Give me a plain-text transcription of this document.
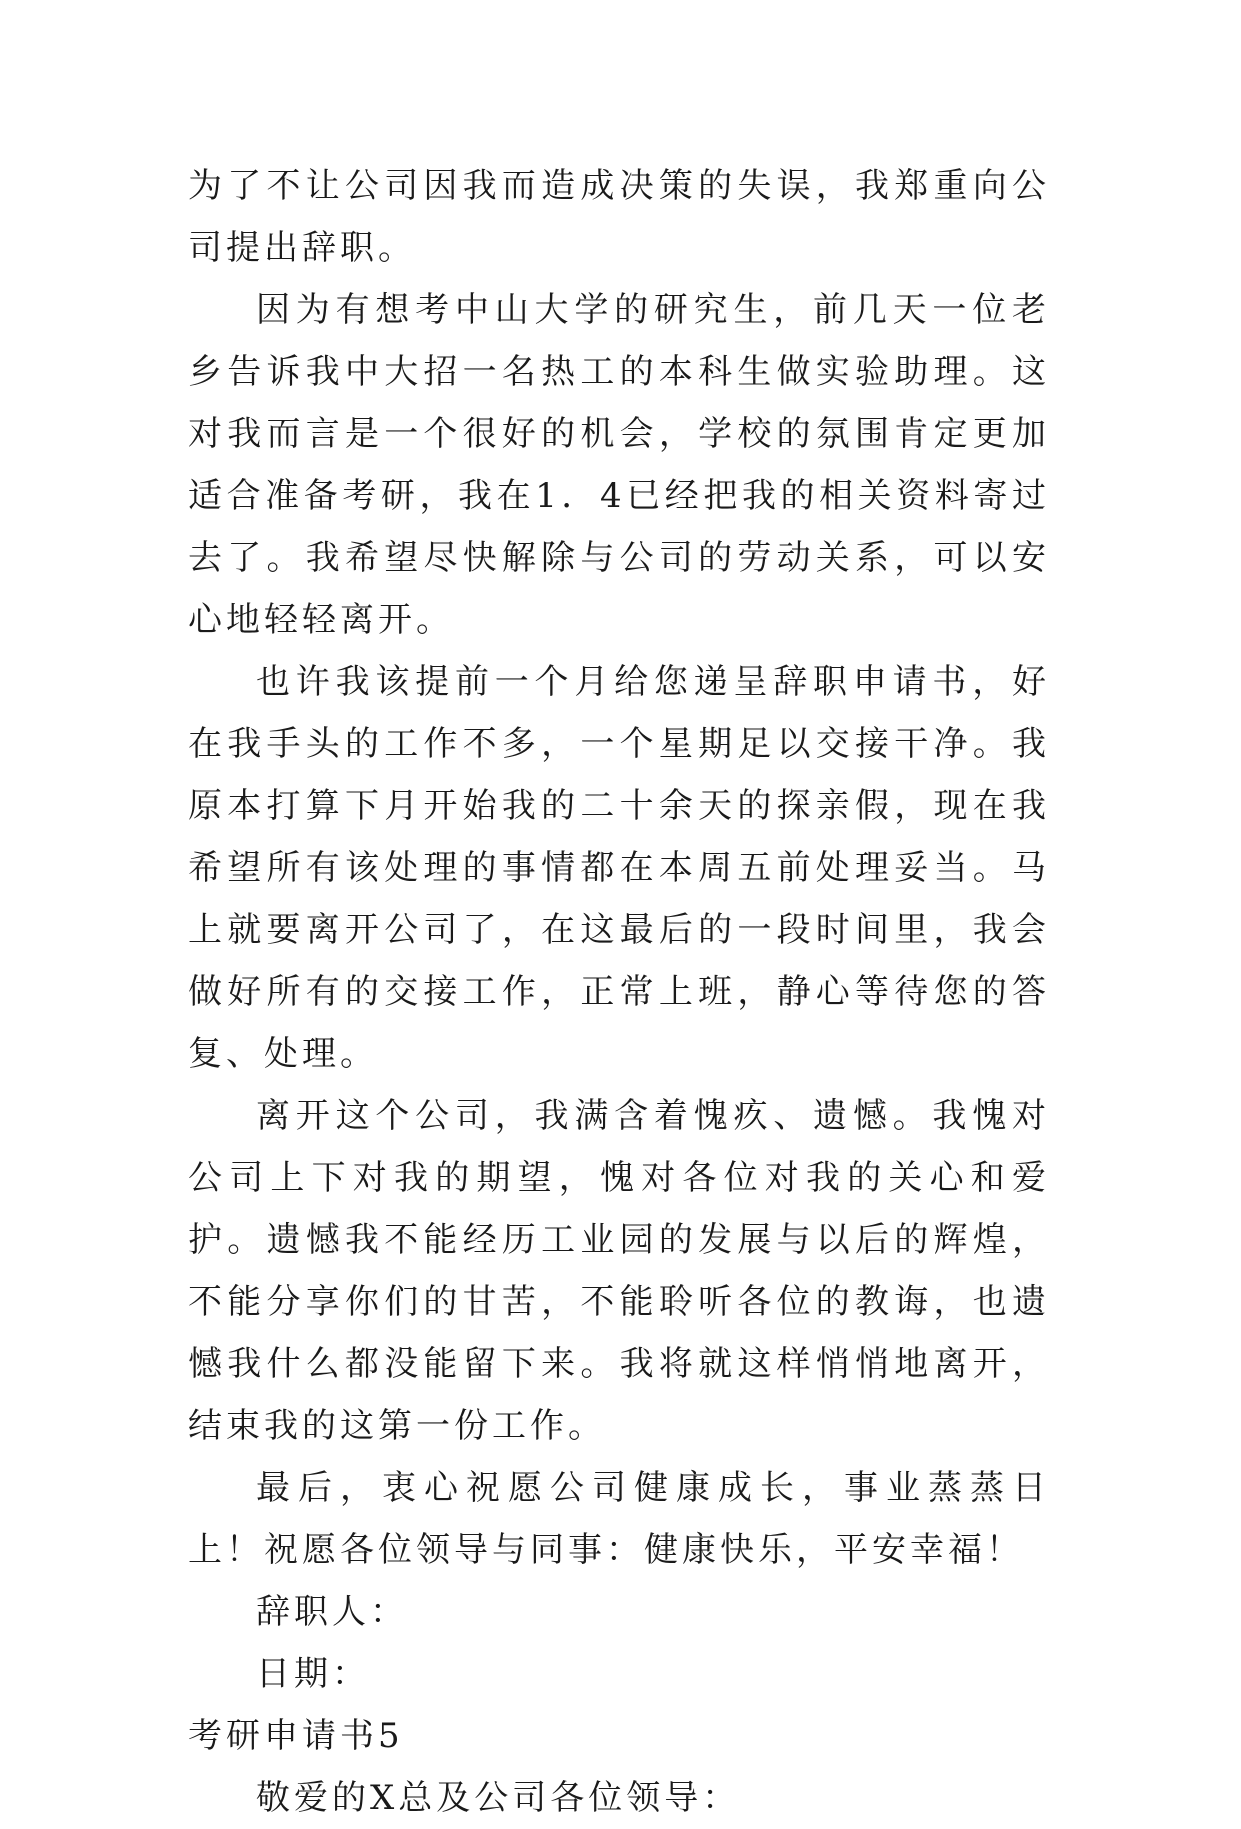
为了不让公司因我而造成决策的失误，我郑重向公司提出辞职。

因为有想考中山大学的研究生，前几天一位老乡告诉我中大招一名热工的本科生做实验助理。这对我而言是一个很好的机会，学校的氛围肯定更加适合准备考研，我在1．4已经把我的相关资料寄过去了。我希望尽快解除与公司的劳动关系，可以安心地轻轻离开。

也许我该提前一个月给您递呈辞职申请书，好在我手头的工作不多，一个星期足以交接干净。我原本打算下月开始我的二十余天的探亲假，现在我希望所有该处理的事情都在本周五前处理妥当。马上就要离开公司了，在这最后的一段时间里，我会做好所有的交接工作，正常上班，静心等待您的答复、处理。

离开这个公司，我满含着愧疚、遗憾。我愧对公司上下对我的期望，愧对各位对我的关心和爱护。遗憾我不能经历工业园的发展与以后的辉煌，不能分享你们的甘苦，不能聆听各位的教诲，也遗憾我什么都没能留下来。我将就这样悄悄地离开，结束我的这第一份工作。

最后，衷心祝愿公司健康成长，事业蒸蒸日上！祝愿各位领导与同事：健康快乐，平安幸福！

辞职人：

日期：

考研申请书5

敬爱的X总及公司各位领导：
